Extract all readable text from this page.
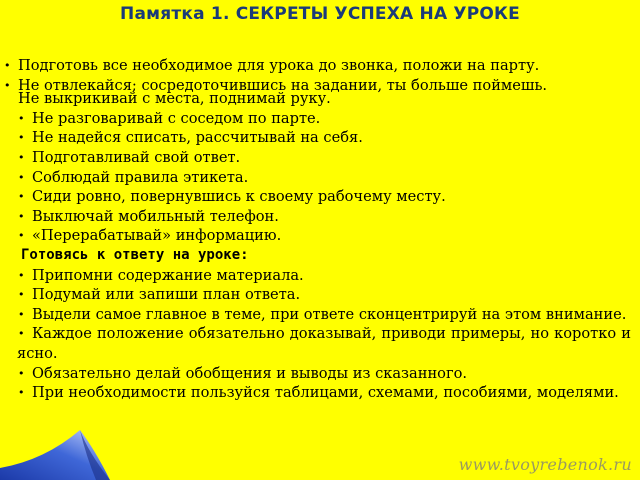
Памятка 1. СЕКРЕТЫ УСПЕХА НА УРОКЕ
• Подготовь все необходимое для урока до звонка, положи на парту.
• Не отвлекайся; сосредоточившись на задании, ты больше поймешь.
Не выкрикивай с места, поднимай руку.
• Не разговаривай с соседом по парте.
• Не надейся списать, рассчитывай на себя.
• Подготавливай свой ответ.
• Соблюдай правила этикета.
• Сиди ровно, повернувшись к своему рабочему месту.
• Выключай мобильный телефон.
• «Перерабатывай» информацию.
Готовясь к ответу на уроке:
• Припомни содержание материала.
• Подумай или запиши план ответа.
• Выдели самое главное в теме, при ответе сконцентрируй на этом внимание.
• Каждое положение обязательно доказывай, приводи примеры, но коротко и ясно.
• Обязательно делай обобщения и выводы из сказанного.
• При необходимости пользуйся таблицами, схемами, пособиями, моделями.
www.tvoyrebenok.ru
